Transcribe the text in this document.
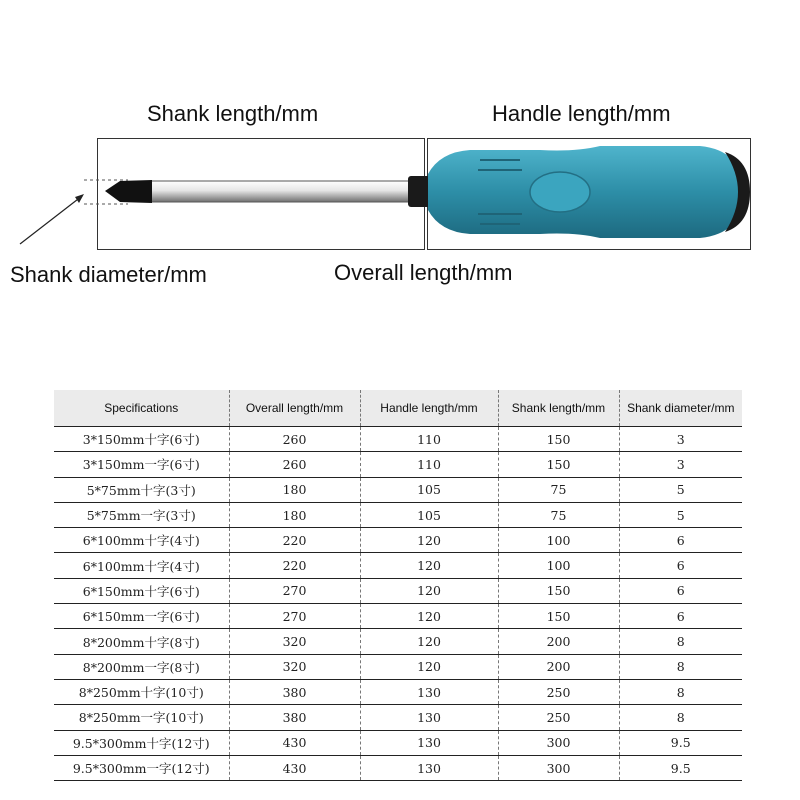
Shank length/mm	Handle length/mm
Shank diameter/mm	Overall length/mm
Specifications	Overall length/mm	Handle length/mm	Shank length/mm	Shank diameter/mm
3*150mm十字(6寸)	260	110	150	3
3*150mm一字(6寸)	260	110	150	3
5*75mm十字(3寸)	180	105	75	5
5*75mm一字(3寸)	180	105	75	5
6*100mm十字(4寸)	220	120	100	6
6*100mm十字(4寸)	220	120	100	6
6*150mm十字(6寸)	270	120	150	6
6*150mm一字(6寸)	270	120	150	6
8*200mm十字(8寸)	320	120	200	8
8*200mm一字(8寸)	320	120	200	8
8*250mm十字(10寸)	380	130	250	8
8*250mm一字(10寸)	380	130	250	8
9.5*300mm十字(12寸)	430	130	300	9.5
9.5*300mm一字(12寸)	430	130	300	9.5
